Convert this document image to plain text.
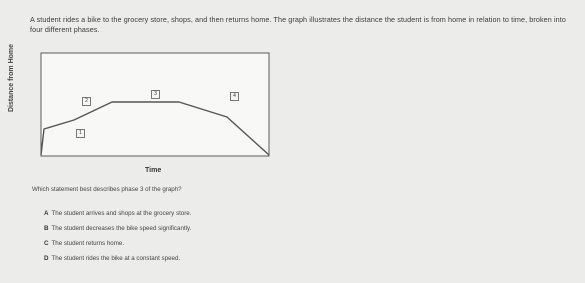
A student rides a bike to the grocery store, shops, and then returns home. The graph illustrates the distance the student is from home in relation to time, broken into four different phases.
Distance from Home
Time
1
2
3	4
Which statement best describes phase 3 of the graph?
A The student arrives and shops at the grocery store.
B The student decreases the bike speed significantly.
C The student returns home.
D The student rides the bike at a constant speed.
